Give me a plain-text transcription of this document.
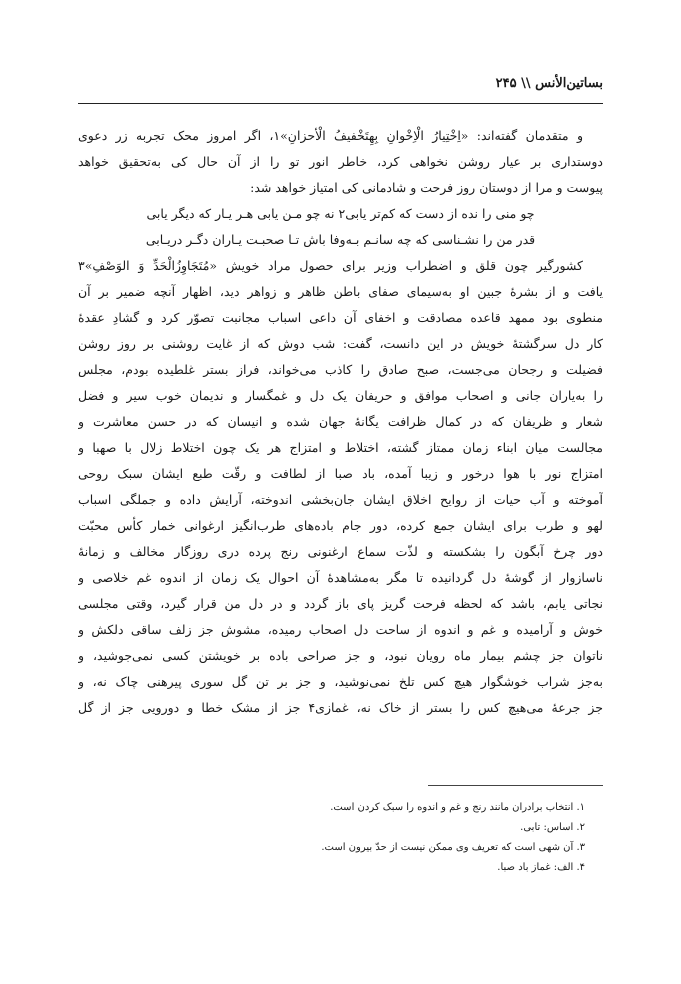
بساتین‌الأنس \\ ۲۴۵
و متقدمان گفته‌اند: «اِخْتِیارُ الْاِخْوانِ بِهِتَخْفیفُ الْأحزانِ»۱، اگر امروز محک تجربه زر دعوی
دوستداری بر عیار روشن نخواهی کرد، خاطر انور تو را از آن حال کی به‌تحقیق خواهد
پیوست و مرا از دوستان روز فرحت و شادمانی کی امتیاز خواهد شد:
چو منی را نده از دست که کم‌تر یابی۲ نه چو مـن یابی هـر یـار که دیگر یابی
قدر من را نشـناسی که چه سانـم بـه‌وفا باش تـا صحبـت یـاران دگـر دریـابی
کشورگیر چون قلق و اضطراب وزیر برای حصول مراد خویش «مُتَجَاوِزُالْحَدِّ وَ الوَصْفِ»۳
یافت و از بشرهٔ جبین او به‌سیمای صفای باطن ظاهر و زواهر دید، اظهار آنچه ضمیر بر آن
منطوی بود ممهد قاعده مصادقت و اخفای آن داعی اسباب مجانبت تصوّر کرد و گشادِ عقدهٔ
کار دل سرگشتهٔ خویش در این دانست، گفت: شب دوش که از غایت روشنی بر روز روشن
فضیلت و رجحان می‌جست، صبح صادق را کاذب می‌خواند، فراز بستر غلطیده بودم، مجلس
را به‌یاران جانی و اصحاب موافق و حریفان یک دل و غمگسار و ندیمان خوب سیر و فضل
شعار و ظریفان که در کمال ظرافت یگانهٔ جهان شده و انیسان که در حسن معاشرت و
مجالست میان ابناء زمان ممتاز گشته، اختلاط و امتزاج هر یک چون اختلاط زلال با صهبا و
امتزاج نور با هوا درخور و زیبا آمده، باد صبا از لطافت و رقّت طبع ایشان سبک روحی
آموخته و آب حیات از روایح اخلاق ایشان جان‌بخشی اندوخته، آرایش داده و جملگی اسباب
لهو و طرب برای ایشان جمع کرده، دور جام باده‌های طرب‌انگیز ارغوانی خمار کأس محبّت
دور چرخ آبگون را بشکسته و لذّت سماع ارغنونی رنج پرده دری روزگار مخالف و زمانهٔ
ناسازوار از گوشهٔ دل گردانیده تا مگر به‌مشاهدهٔ آن احوال یک زمان از اندوه غم خلاصی و
نجاتی یابم، باشد که لحظه فرحت گریز پای باز گردد و در دل من قرار گیرد، وقتی مجلسی
خوش و آرامیده و غم و اندوه از ساحت دل اصحاب رمیده، مشوش جز زلف ساقی دلکش و
ناتوان جز چشم بیمار ماه رویان نبود، و جز صراحی باده بر خویشتن کسی نمی‌جوشید، و
به‌جز شراب خوشگوار هیچ کس تلخ نمی‌نوشید، و جز بر تن گل سوری پیرهنی چاک نه، و
جز جرعهٔ می‌هیچ کس را بستر از خاک نه، غمازی۴ جز از مشک خطا و دورویی جز از گل
۱. انتخاب برادران مانند رنج و غم و اندوه را سبک کردن است.
۲. اساس: تابی.
۳. آن شهی است که تعریف وی ممکن نیست از حدّ بیرون است.
۴. الف: غماز باد صبا.
